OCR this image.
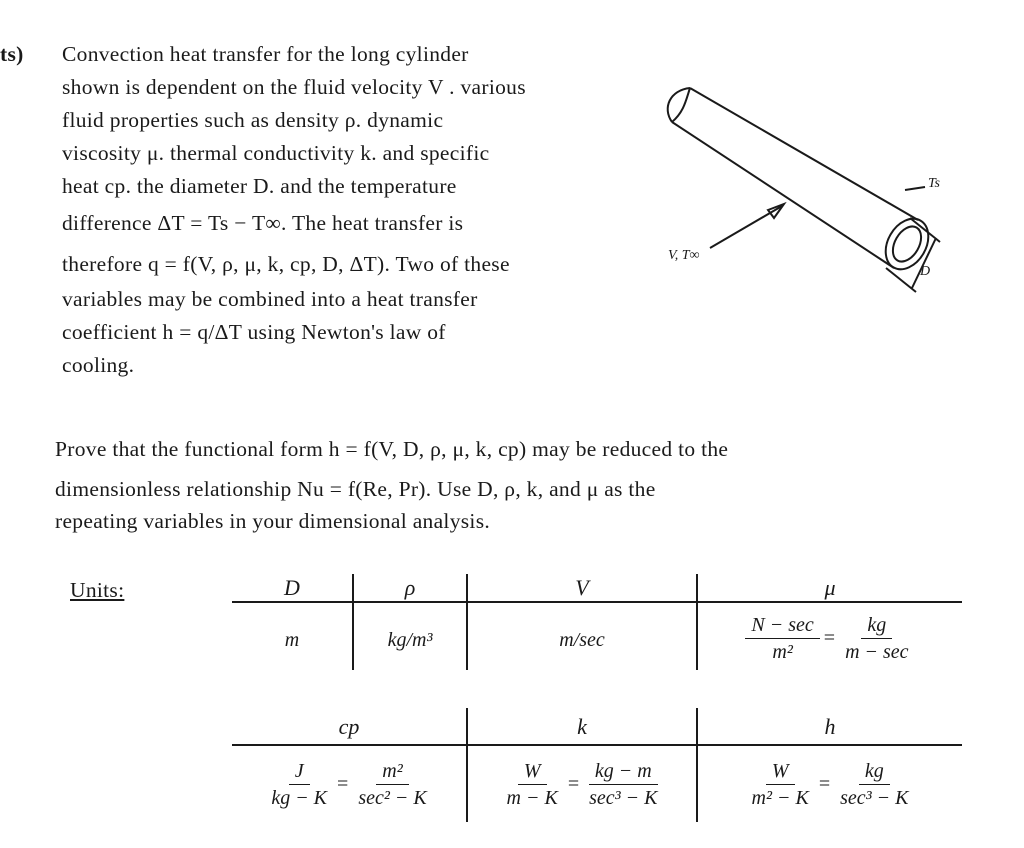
ts) Convection heat transfer for the long cylinder
shown is dependent on the fluid velocity V . various
fluid properties such as density ρ. dynamic
viscosity μ. thermal conductivity k. and specific
heat cp. the diameter D. and the temperature
difference ΔT = Ts − T∞. The heat transfer is
therefore q = f(V, ρ, μ, k, cp, D, ΔT). Two of these
variables may be combined into a heat transfer
coefficient h = q/ΔT using Newton's law of
cooling.
Ts
V, T∞
D
Prove that the functional form h = f(V, D, ρ, μ, k, cp) may be reduced to the
dimensionless relationship Nu = f(Re, Pr). Use D, ρ, k, and μ as the
repeating variables in your dimensional analysis.
Units:	D	ρ	V	μ
m	kg/m³	m/sec	$\frac{N - \sec}{\text{m²}} = \frac{kg}{m - \sec}$
cp	k	h
$\frac{J}{kg - K} = \frac{\text{m²}}{\text{sec² − K}}$	$\frac{W}{m - K} = \frac{kg - m}{\text{sec³ − K}}$	$\frac{W}{\text{m² − K}} = \frac{kg}{\text{sec³ − K}}$
